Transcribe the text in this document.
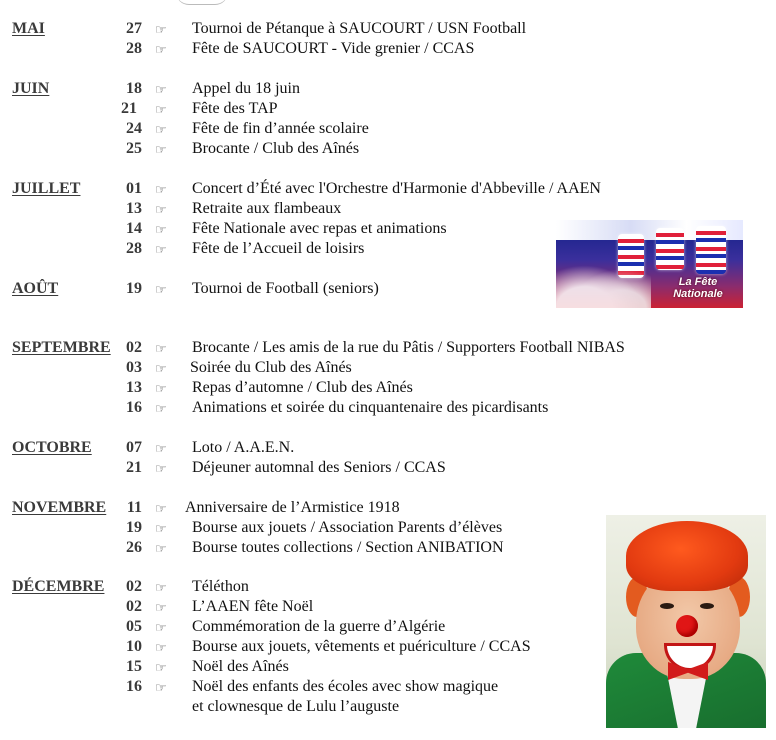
MAI	27 ☞ Tournoi de Pétanque à SAUCOURT / USN Football
28 ☞ Fête de SAUCOURT - Vide grenier / CCAS
JUIN	18 ☞ Appel du 18 juin
21 ☞ Fête des TAP
24 ☞ Fête de fin d’année scolaire
25 ☞ Brocante / Club des Aînés
JUILLET	01 ☞ Concert d’Été avec l'Orchestre d'Harmonie d'Abbeville / AAEN
13 ☞ Retraite aux flambeaux
14 ☞ Fête Nationale avec repas et animations
28 ☞ Fête de l’Accueil de loisirs
AOÛT	19 ☞ Tournoi de Football (seniors)
SEPTEMBRE 02 ☞ Brocante / Les amis de la rue du Pâtis / Supporters Football NIBAS
03 ☞ Soirée du Club des Aînés
13 ☞ Repas d’automne / Club des Aînés
16 ☞ Animations et soirée du cinquantenaire des picardisants
OCTOBRE	07 ☞ Loto / A.A.E.N.
21 ☞ Déjeuner automnal des Seniors / CCAS
NOVEMBRE	11 ☞ Anniversaire de l’Armistice 1918
19 ☞ Bourse aux jouets / Association Parents d’élèves
26 ☞ Bourse toutes collections / Section ANIBATION
DÉCEMBRE	02 ☞ Téléthon
02 ☞ L’AAEN fête Noël
05 ☞ Commémoration de la guerre d’Algérie
10 ☞ Bourse aux jouets, vêtements et puériculture / CCAS
15 ☞ Noël des Aînés
16 ☞ Noël des enfants des écoles avec show magique
et clownesque de Lulu l’auguste
La Fête
Nationale
